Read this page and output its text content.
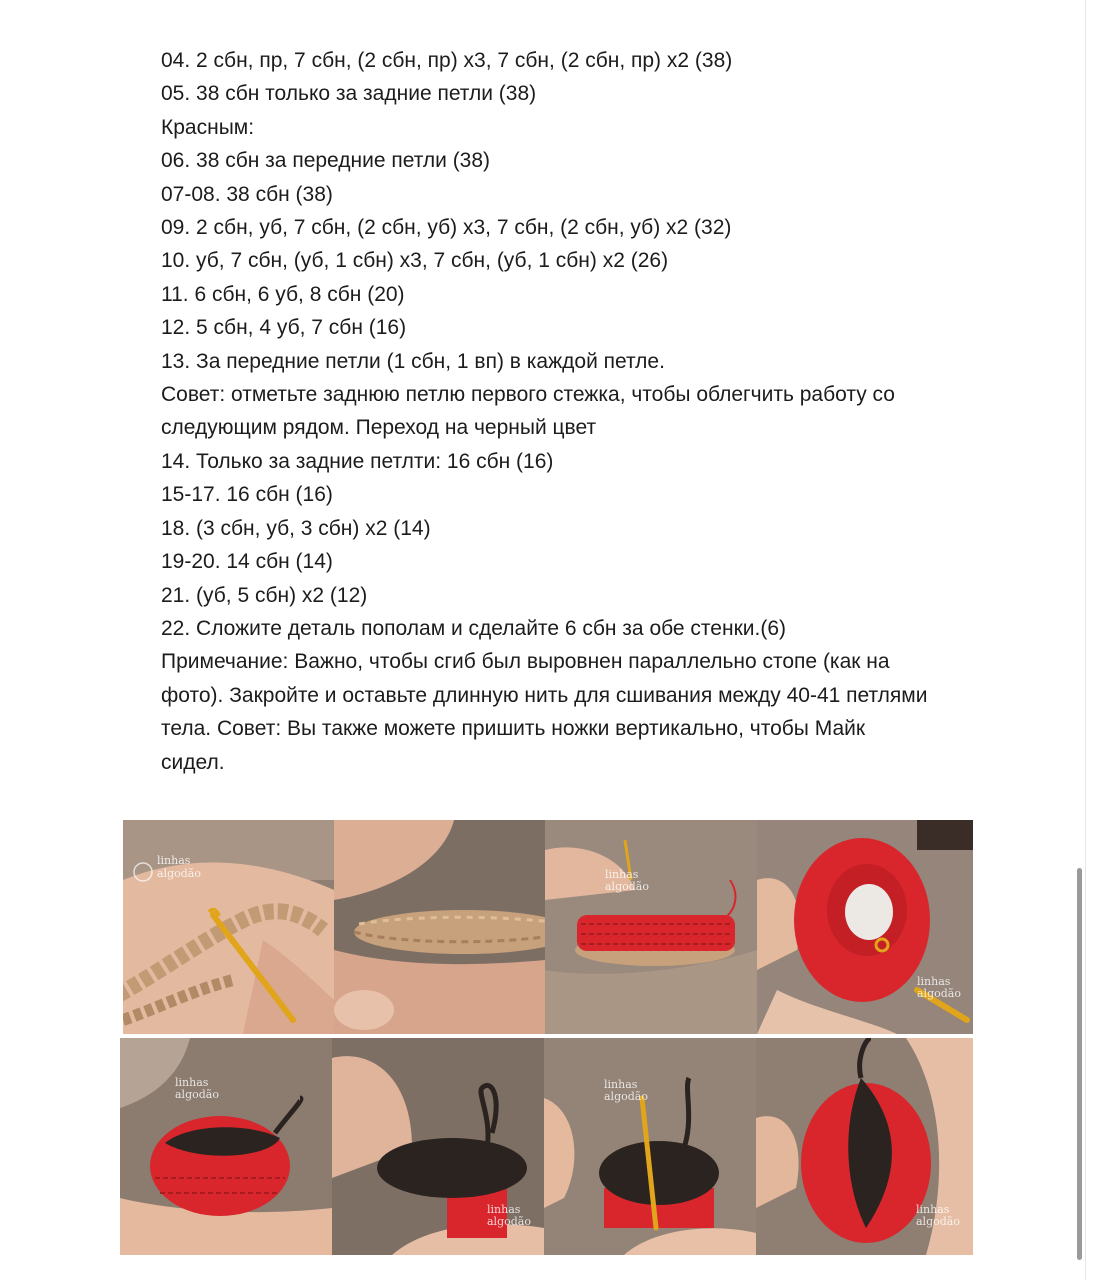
04. 2 сбн, пр, 7 сбн, (2 сбн, пр) х3, 7 сбн, (2 сбн, пр) х2 (38)
05. 38 сбн только за задние петли (38)
Красным:
06. 38 сбн за передние петли (38)
07-08. 38 сбн (38)
09. 2 сбн, уб, 7 сбн, (2 сбн, уб) х3, 7 сбн, (2 сбн, уб) х2 (32)
10. уб, 7 сбн, (уб, 1 сбн) х3, 7 сбн, (уб, 1 сбн) х2 (26)
11. 6 сбн, 6 уб, 8 сбн (20)
12. 5 сбн, 4 уб, 7 сбн (16)
13. За передние петли (1 сбн, 1 вп) в каждой петле.
Совет: отметьте заднюю петлю первого стежка, чтобы облегчить работу со
следующим рядом. Переход на черный цвет
14. Только за задние петлти: 16 сбн (16)
15-17. 16 сбн (16)
18. (3 сбн, уб, 3 сбн) х2 (14)
19-20. 14 сбн (14)
21. (уб, 5 сбн) х2 (12)
22. Сложите деталь пополам и сделайте 6 сбн за обе стенки.(6)
Примечание: Важно, чтобы сгиб был выровнен параллельно стопе (как на
фото). Закройте и оставьте длинную нить для сшивания между 40-41 петлями
тела. Совет: Вы также можете пришить ножки вертикально, чтобы Майк
сидел.
linhas
algodão	linhas
algodão
linhas
algodão
linhas
algodão
linhas
algodão
linhas
algodão
linhas
algodão
